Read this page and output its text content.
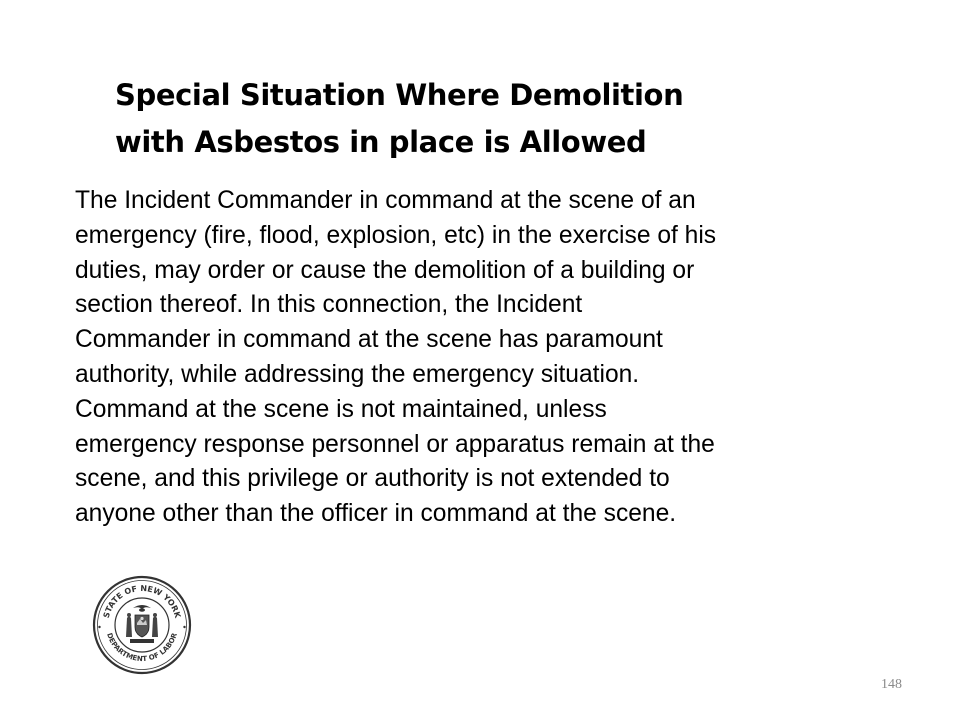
Special Situation Where Demolition
with Asbestos in place is Allowed
The Incident Commander in command at the scene of an
emergency (fire, flood, explosion, etc) in the exercise of his
duties, may order or cause the demolition of a building or
section thereof. In this connection, the Incident
Commander in command at the scene has paramount
authority, while addressing the emergency situation.
Command at the scene is not maintained, unless
emergency response personnel or apparatus remain at the
scene, and this privilege or authority is not extended to
anyone other than the officer in command at the scene.
STATE OF NEW YORK
DEPARTMENT OF LABOR
148
